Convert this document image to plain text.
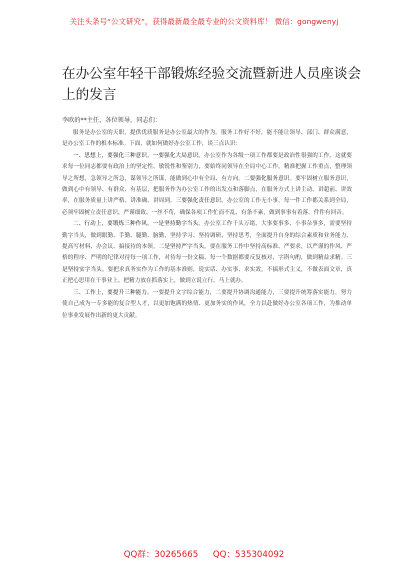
关注头条号“公文研究”，获得最新最全最专业的公文资料库！ 微信：gongwenyj
在办公室年轻干部锻炼经验交流暨新进人员座谈会上的发言
李欧的**主任，各位领导，同志们：

服务是办公室的天职，提供优质服务是办公室最大的作为。服务工作好不好，能不能让领导、部门、群众满意，是办公室工作的根本标准。下面，就如何做好办公室工作，谈三点认识：

一、思想上，要强化三种意识。一要强化大局意识。办公室作为各级一项工作都要是政治性很强的工作，这就要求每一位同志都要有政治上的坚定性、敏锐性和鉴别力，要始终同领导在全局中心工作，精准把握工作重点，整理领导之所想，急领导之所急，谋领导之所谋，能做到心中有全局、有方向。二要强化服务意识。要牢固树立服务意识，做到心中有领导、有群众、有基层，把服务作为办公室工作的出发点和落脚点，在服务方式上讲主动、讲超前、讲效率，在服务质量上讲严格、讲准确、讲周到。三要强化责任意识。办公室的工作无小事，每一件工作都关系到全局，必须牢固树立责任意识，严谨细致、一丝不苟，确保各项工作忙而不乱、有条不紊，做到事事有着落、件件有回音。

二、行动上，要锻炼三种作风。一是坚持勤字当头。办公室工作千头万绪，大事要事多、小事杂事多，需要坚持勤字当头，做到眼勤、手勤、腿勤、脑勤，坚持学习、坚持调研、坚持思考，全面提升自身的综合素质和业务能力，提高写材料、办会议、搞接待的本领。二是坚持严字当头。要在服务工作中坚持高标准、严要求，以严谨的作风、严格的程序、严明的纪律对待每一项工作，对待每一份文稿、每一个数据都要反复核对、字斟句酌，做到精益求精。三是坚持实字当头。要把求真务实作为工作的基本准则，说实话、办实事、求实效，不搞形式主义，不做表面文章，真正把心思用在干事业上，把精力放在抓落实上，做到立说立行、马上就办。

三、工作上，要提升三种能力。一要提升文字综合能力，二要提升协调沟通能力，三要提升统筹落实能力，努力使自己成为一专多能的复合型人才，以更加饱满的热情、更加务实的作风，全力以赴做好办公室各项工作，为推动单位事业发展作出新的更大贡献。

QQ群：30265665 QQ：535304092
